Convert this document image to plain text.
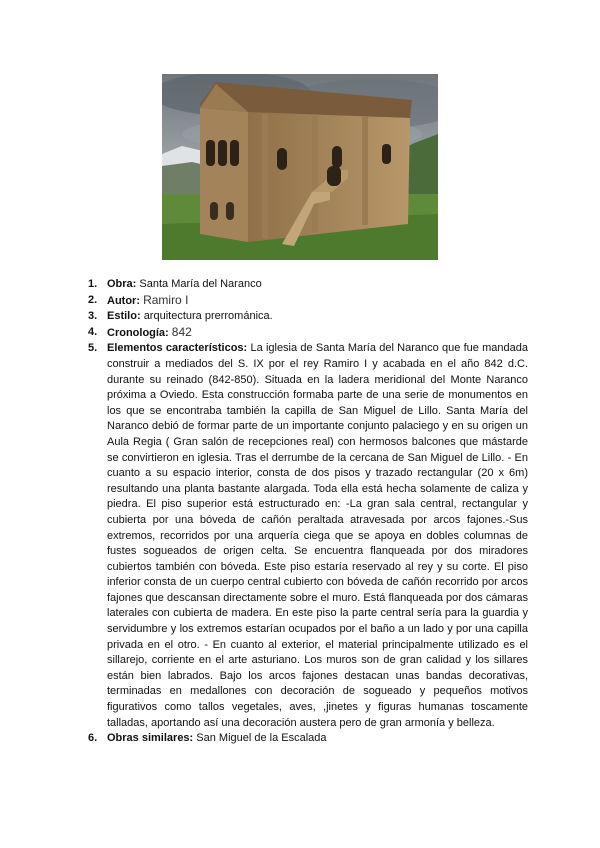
1. Obra: Santa María del Naranco
2. Autor: Ramiro I
3. Estilo: arquitectura prerrománica.
4. Cronología: 842
5. Elementos característicos: La iglesia de Santa María del Naranco que fue mandada construir a mediados del S. IX por el rey Ramiro I y acabada en el año 842 d.C. durante su reinado (842-850). Situada en la ladera meridional del Monte Naranco próxima a Oviedo. Esta construcción formaba parte de una serie de monumentos en los que se encontraba también la capilla de San Miguel de Lillo. Santa María del Naranco debió de formar parte de un importante conjunto palaciego y en su origen un Aula Regia ( Gran salón de recepciones real) con hermosos balcones que mástarde se convirtieron en iglesia. Tras el derrumbe de la cercana de San Miguel de Lillo. - En cuanto a su espacio interior, consta de dos pisos y trazado rectangular (20 x 6m) resultando una planta bastante alargada. Toda ella está hecha solamente de caliza y piedra. El piso superior está estructurado en: -La gran sala central, rectangular y cubierta por una bóveda de cañón peraltada atravesada por arcos fajones.-Sus extremos, recorridos por una arquería ciega que se apoya en dobles columnas de fustes sogueados de origen celta. Se encuentra flanqueada por dos miradores cubiertos también con bóveda. Este piso estaría reservado al rey y su corte. El piso inferior consta de un cuerpo central cubierto con bóveda de cañón recorrido por arcos fajones que descansan directamente sobre el muro. Está flanqueada por dos cámaras laterales con cubierta de madera. En este piso la parte central sería para la guardia y servidumbre y los extremos estarían ocupados por el baño a un lado y por una capilla privada en el otro. - En cuanto al exterior, el material principalmente utilizado es el sillarejo, corriente en el arte asturiano. Los muros son de gran calidad y los sillares están bien labrados. Bajo los arcos fajones destacan unas bandas decorativas, terminadas en medallones con decoración de sogueado y pequeños motivos figurativos como tallos vegetales, aves, ,jinetes y figuras humanas toscamente talladas, aportando así una decoración austera pero de gran armonía y belleza.
6. Obras similares: San Miguel de la Escalada
